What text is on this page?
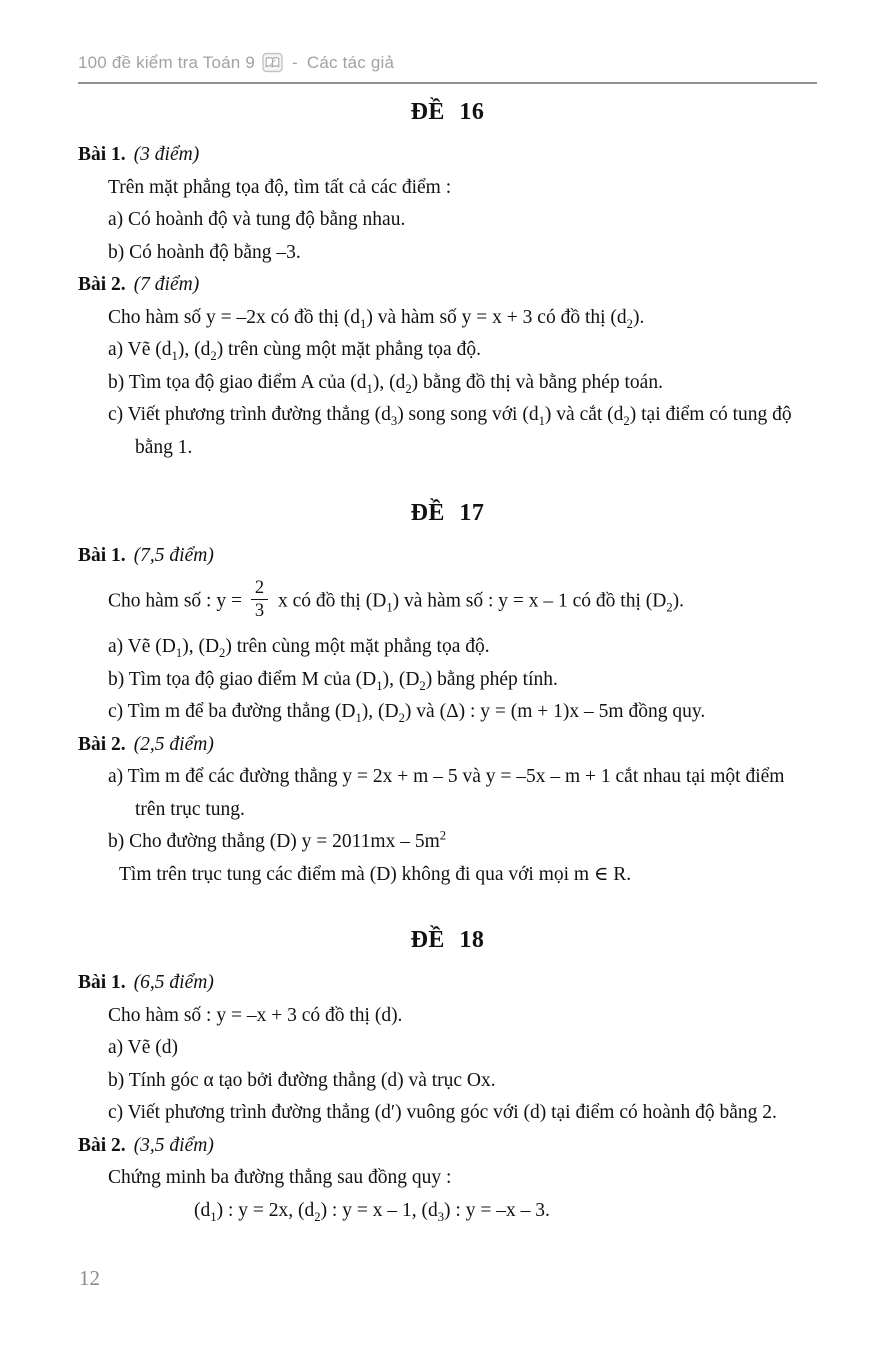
100 đề kiểm tra Toán 9 - Các tác giả
ĐỀ 16
Bài 1. (3 điểm)
Trên mặt phẳng tọa độ, tìm tất cả các điểm :
a) Có hoành độ và tung độ bằng nhau.
b) Có hoành độ bằng –3.
Bài 2. (7 điểm)
Cho hàm số y = –2x có đồ thị $(d_1)$ và hàm số y = x + 3 có đồ thị $(d_2)$.
a) Vẽ $(d_1)$, $(d_2)$ trên cùng một mặt phẳng tọa độ.
b) Tìm tọa độ giao điểm A của $(d_1)$, $(d_2)$ bằng đồ thị và bằng phép toán.
c) Viết phương trình đường thẳng $(d_3)$ song song với $(d_1)$ và cắt $(d_2)$ tại điểm có tung độ bằng 1.
ĐỀ 17
Bài 1. (7,5 điểm)
Cho hàm số : $y = \frac{2}{3}$ x có đồ thị $(D_1)$ và hàm số : y = x – 1 có đồ thị $(D_2)$.
a) Vẽ $(D_1)$, $(D_2)$ trên cùng một mặt phẳng tọa độ.
b) Tìm tọa độ giao điểm M của $(D_1)$, $(D_2)$ bằng phép tính.
c) Tìm m để ba đường thẳng $(D_1)$, $(D_2)$ và (Δ) : y = (m + 1)x – 5m đồng quy.
Bài 2. (2,5 điểm)
a) Tìm m để các đường thẳng y = 2x + m – 5 và y = –5x – m + 1 cắt nhau tại một điểm trên trục tung.
b) Cho đường thẳng (D) $y = 2011mx - 5m^2$
Tìm trên trục tung các điểm mà (D) không đi qua với mọi m ∈ R.
ĐỀ 18
Bài 1. (6,5 điểm)
Cho hàm số : y = –x + 3 có đồ thị (d).
a) Vẽ (d)
b) Tính góc α tạo bởi đường thẳng (d) và trục Ox.
c) Viết phương trình đường thẳng (d′) vuông góc với (d) tại điểm có hoành độ bằng 2.
Bài 2. (3,5 điểm)
Chứng minh ba đường thẳng sau đồng quy :
$(d_1)$ : y = 2x, $(d_2)$ : y = x – 1, $(d_3)$ : y = –x – 3.
12
